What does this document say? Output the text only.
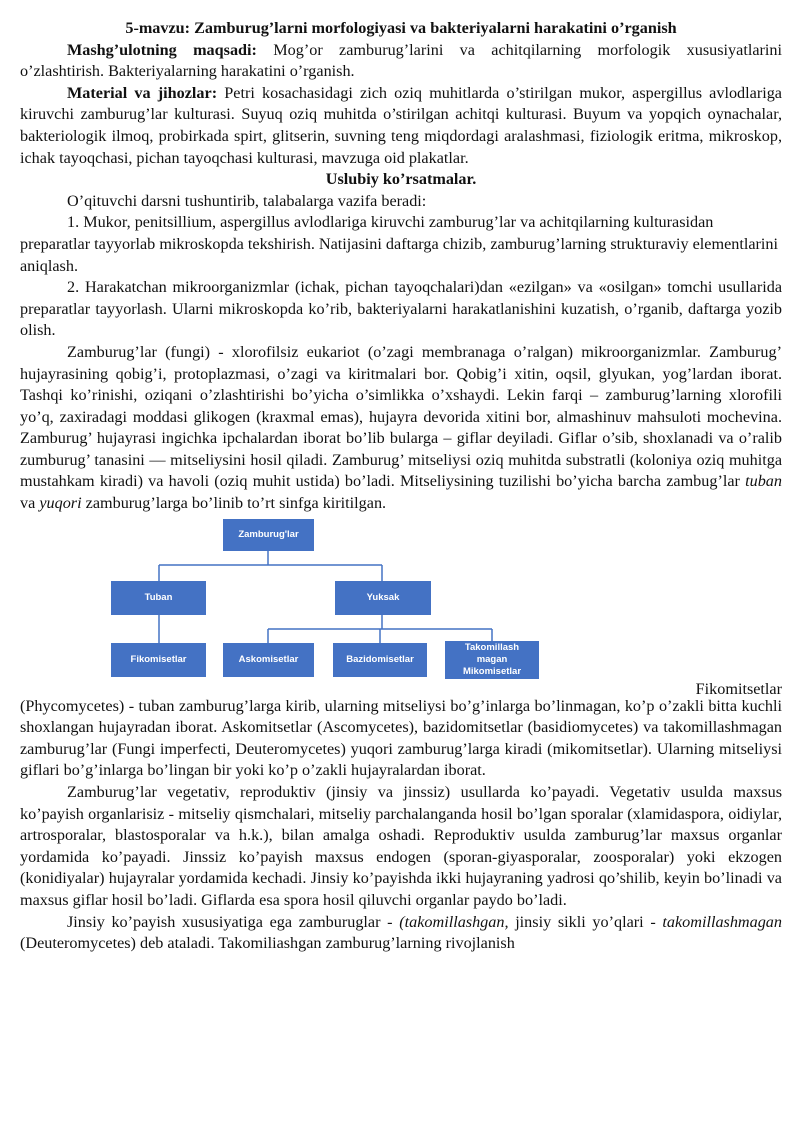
5-mavzu: Zamburug’larni morfologiyasi va bakteriyalarni harakatini o’rganish

Mashg’ulotning maqsadi: Mog’or zamburug’larini va achitqilarning morfologik xususiyatlarini o’zlashtirish. Bakteriyalarning harakatini o’rganish.

Material va jihozlar: Petri kosachasidagi zich oziq muhitlarda o’stirilgan mukor, aspergillus avlodlariga kiruvchi zamburug’lar kulturasi. Suyuq oziq muhitda o’stirilgan achitqi kulturasi. Buyum va yopqich oynachalar, bakteriologik ilmoq, probirkada spirt, glitserin, suvning teng miqdordagi aralashmasi, fiziologik eritma, mikroskop, ichak tayoqchasi, pichan tayoqchasi kulturasi, mavzuga oid plakatlar.

Uslubiy ko’rsatmalar.

O’qituvchi darsni tushuntirib, talabalarga vazifa beradi:

1. Mukor, penitsillium, aspergillus avlodlariga kiruvchi zamburug’lar va achitqilarning kulturasidan preparatlar tayyorlab mikroskopda tekshirish. Natijasini daftarga chizib, zamburug’larning strukturaviy elementlarini aniqlash.

2. Harakatchan mikroorganizmlar (ichak, pichan tayoqchalari)dan «ezilgan» va «osilgan» tomchi usullarida preparatlar tayyorlash. Ularni mikroskopda ko’rib, bakteriyalarni harakatlanishini kuzatish, o’rganib, daftarga yozib olish.

Zamburug’lar (fungi) - xlorofilsiz eukariot (o’zagi membranaga o’ralgan) mikroorganizmlar. Zamburug’ hujayrasining qobig’i, protoplazmasi, o’zagi va kiritmalari bor. Qobig’i xitin, oqsil, glyukan, yog’lardan iborat. Tashqi ko’rinishi, oziqani o’zlashtirishi bo’yicha o’simlikka o’xshaydi. Lekin farqi – zamburug’larning xlorofili yo’q, zaxiradagi moddasi glikogen (kraxmal emas), hujayra devorida xitini bor, almashinuv mahsuloti mochevina. Zamburug’ hujayrasi ingichka ipchalardan iborat bo’lib bularga – giflar deyiladi. Giflar o’sib, shoxlanadi va o’ralib zumburug’ tanasini — mitseliysini hosil qiladi. Zamburug’ mitseliysi oziq muhitda substratli (koloniya oziq muhitga mustahkam kiradi) va havoli (oziq muhit ustida) bo’ladi. Mitseliysining tuzilishi bo’yicha barcha zambug’lar tuban va yuqori zamburug’larga bo’linib to’rt sinfga kiritilgan.

Zamburug'lar
Tuban	Yuksak
Fikomisetlar	Askomisetlar	Bazidomisetlar
Takomillash magan Mikomisetlar
Fikomitsetlar

(Phycomycetes) - tuban zamburug’larga kirib, ularning mitseliysi bo’g’inlarga bo’linmagan, ko’p o’zakli bitta kuchli shoxlangan hujayradan iborat. Askomitsetlar (Ascomycetes), bazidomitsetlar (basidiomycetes) va takomillashmagan zamburug’lar (Fungi imperfecti, Deuteromycetes) yuqori zamburug’larga kiradi (mikomitsetlar). Ularning mitseliysi giflari bo’g’inlarga bo’lingan bir yoki ko’p o’zakli hujayralardan iborat.

Zamburug’lar vegetativ, reproduktiv (jinsiy va jinssiz) usullarda ko’payadi. Vegetativ usulda maxsus ko’payish organlarisiz - mitseliy qismchalari, mitseliy parchalanganda hosil bo’lgan sporalar (xlamidaspora, oidiylar, artrosporalar, blastosporalar va h.k.), bilan amalga oshadi. Reproduktiv usulda zamburug’lar maxsus organlar yordamida ko’payadi. Jinssiz ko’payish maxsus endogen (sporan-giyasporalar, zoosporalar) yoki ekzogen (konidiyalar) hujayralar yordamida kechadi. Jinsiy ko’payishda ikki hujayraning yadrosi qo’shilib, keyin bo’linadi va maxsus giflar hosil bo’ladi. Giflarda esa spora hosil qiluvchi organlar paydo bo’ladi.

Jinsiy ko’payish xususiyatiga ega zamburuglar - (takomillashgan, jinsiy sikli yo’qlari - takomillashmagan (Deuteromycetes) deb ataladi. Takomiliashgan zamburug’larning rivojlanish
